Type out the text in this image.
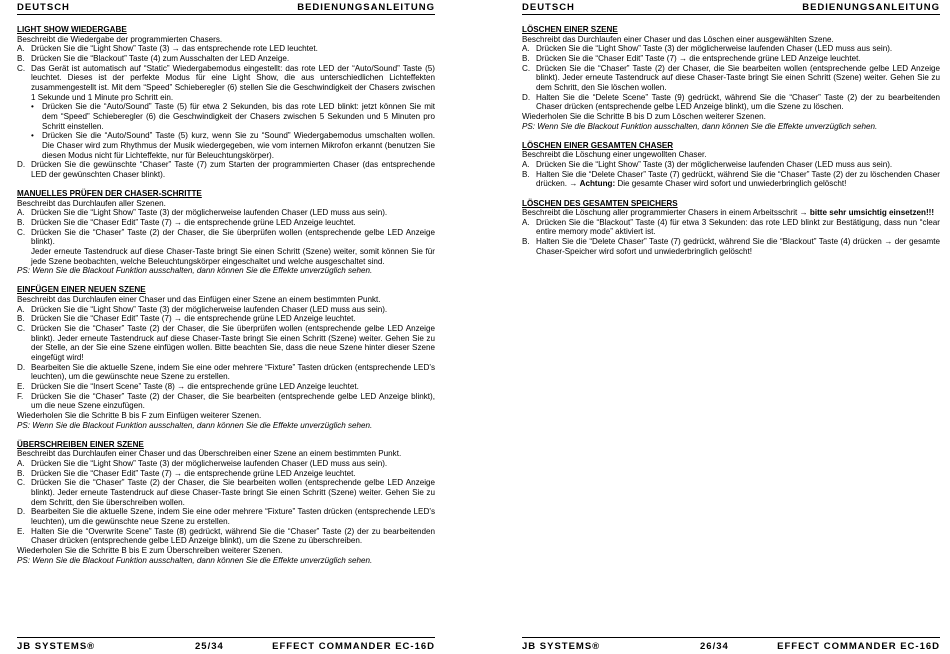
DEUTSCH	BEDIENUNGSANLEITUNG
LIGHT SHOW WIEDERGABE
Beschreibt die Wiedergabe der programmierten Chasers.
A. Drücken Sie die “Light Show” Taste (3) → das entsprechende rote LED leuchtet.
B. Drücken Sie die “Blackout” Taste (4) zum Ausschalten der LED Anzeige.
C. Das Gerät ist automatisch auf “Static” Wiedergabemodus eingestellt: das rote LED der “Auto/Sound” Taste (5) leuchtet. Dieses ist der perfekte Modus für eine Light Show, die aus unterschiedlichen Lichteffekten zusammengestellt ist. Mit dem “Speed” Schieberegler (6) stellen Sie die Geschwindigkeit der Chasers zwischen 1 Sekunde und 1 Minute pro Schritt ein.
•	Drücken Sie die “Auto/Sound” Taste (5) für etwa 2 Sekunden, bis das rote LED blinkt: jetzt können Sie mit dem “Speed” Schieberegler (6) die Geschwindigkeit der Chasers zwischen 5 Sekunden und 5 Minuten pro Schritt einstellen.
•	Drücken Sie die “Auto/Sound” Taste (5) kurz, wenn Sie zu “Sound” Wiedergabemodus umschalten wollen. Die Chaser wird zum Rhythmus der Musik wiedergegeben, wie vom internen Mikrofon erkannt (benutzen Sie diesen Modus nicht für Lichteffekte, nur für Beleuchtungskörper).
D. Drücken Sie die gewünschte “Chaser” Taste (7) zum Starten der programmierten Chaser (das entsprechende LED der gewünschten Chaser blinkt).
MANUELLES PRÜFEN DER CHASER-SCHRITTE
Beschreibt das Durchlaufen aller Szenen.
A. Drücken Sie die “Light Show” Taste (3) der möglicherweise laufenden Chaser (LED muss aus sein).
B. Drücken Sie die “Chaser Edit” Taste (7) → die entsprechende grüne LED Anzeige leuchtet.
C. Drücken Sie die “Chaser” Taste (2) der Chaser, die Sie überprüfen wollen (entsprechende gelbe LED Anzeige blinkt).
Jeder erneute Tastendruck auf diese Chaser-Taste bringt Sie einen Schritt (Szene) weiter, somit können Sie für jede Szene beobachten, welche Beleuchtungskörper eingeschaltet und welche ausgeschaltet sind.
PS: Wenn Sie die Blackout Funktion ausschalten, dann können Sie die Effekte unverzüglich sehen.
EINFÜGEN EINER NEUEN SZENE
Beschreibt das Durchlaufen einer Chaser und das Einfügen einer Szene an einem bestimmten Punkt.
A. Drücken Sie die “Light Show” Taste (3) der möglicherweise laufenden Chaser (LED muss aus sein).
B. Drücken Sie die “Chaser Edit” Taste (7) → die entsprechende grüne LED Anzeige leuchtet.
C. Drücken Sie die “Chaser” Taste (2) der Chaser, die Sie überprüfen wollen (entsprechende gelbe LED Anzeige blinkt). Jeder erneute Tastendruck auf diese Chaser-Taste bringt Sie einen Schritt (Szene) weiter. Gehen Sie zu der Stelle, an der Sie eine Szene einfügen wollen. Bitte beachten Sie, dass die neue Szene hinter dieser Szene eingefügt wird!
D. Bearbeiten Sie die aktuelle Szene, indem Sie eine oder mehrere “Fixture” Tasten drücken (entsprechende LED’s leuchten), um die gewünschte neue Szene zu erstellen.
E. Drücken Sie die “Insert Scene” Taste (8) → die entsprechende grüne LED Anzeige leuchtet.
F. Drücken Sie die “Chaser” Taste (2) der Chaser, die Sie bearbeiten (entsprechende gelbe LED Anzeige blinkt), um die neue Szene einzufügen.
Wiederholen Sie die Schritte B bis F zum Einfügen weiterer Szenen.
PS: Wenn Sie die Blackout Funktion ausschalten, dann können Sie die Effekte unverzüglich sehen.
ÜBERSCHREIBEN EINER SZENE
Beschreibt das Durchlaufen einer Chaser und das Überschreiben einer Szene an einem bestimmten Punkt.
A. Drücken Sie die “Light Show” Taste (3) der möglicherweise laufenden Chaser (LED muss aus sein).
B. Drücken Sie die “Chaser Edit” Taste (7) → die entsprechende grüne LED Anzeige leuchtet.
C. Drücken Sie die “Chaser” Taste (2) der Chaser, die Sie bearbeiten wollen (entsprechende gelbe LED Anzeige blinkt). Jeder erneute Tastendruck auf diese Chaser-Taste bringt Sie einen Schritt (Szene) weiter. Gehen Sie zu dem Schritt, den Sie überschreiben wollen.
D. Bearbeiten Sie die aktuelle Szene, indem Sie eine oder mehrere “Fixture” Tasten drücken (entsprechende LED’s leuchten), um die gewünschte neue Szene zu erstellen.
E. Halten Sie die “Overwrite Scene” Taste (8) gedrückt, während Sie die “Chaser” Taste (2) der zu bearbeitenden Chaser drücken (entsprechende gelbe LED Anzeige blinkt), um die Szene zu überschreiben.
Wiederholen Sie die Schritte B bis E zum Überschreiben weiterer Szenen.
PS: Wenn Sie die Blackout Funktion ausschalten, dann können Sie die Effekte unverzüglich sehen.
JB SYSTEMS®	25/34	EFFECT COMMANDER EC-16D
DEUTSCH	BEDIENUNGSANLEITUNG
LÖSCHEN EINER SZENE
Beschreibt das Durchlaufen einer Chaser und das Löschen einer ausgewählten Szene.
A. Drücken Sie die “Light Show” Taste (3) der möglicherweise laufenden Chaser (LED muss aus sein).
B. Drücken Sie die “Chaser Edit” Taste (7) → die entsprechende grüne LED Anzeige leuchtet.
C. Drücken Sie die “Chaser” Taste (2) der Chaser, die Sie bearbeiten wollen (entsprechende gelbe LED Anzeige blinkt). Jeder erneute Tastendruck auf diese Chaser-Taste bringt Sie einen Schritt (Szene) weiter. Gehen Sie zu dem Schritt, den Sie löschen wollen.
D. Halten Sie die “Delete Scene” Taste (9) gedrückt, während Sie die “Chaser” Taste (2) der zu bearbeitenden Chaser drücken (entsprechende gelbe LED Anzeige blinkt), um die Szene zu löschen.
Wiederholen Sie die Schritte B bis D zum Löschen weiterer Szenen.
PS: Wenn Sie die Blackout Funktion ausschalten, dann können Sie die Effekte unverzüglich sehen.
LÖSCHEN EINER GESAMTEN CHASER
Beschreibt die Löschung einer ungewollten Chaser.
A. Drücken Sie die “Light Show” Taste (3) der möglicherweise laufenden Chaser (LED muss aus sein).
B. Halten Sie die “Delete Chaser” Taste (7) gedrückt, während Sie die “Chaser” Taste (2) der zu löschenden Chaser drücken. → Achtung: Die gesamte Chaser wird sofort und unwiederbringlich gelöscht!
LÖSCHEN DES GESAMTEN SPEICHERS
Beschreibt die Löschung aller programmierter Chasers in einem Arbeitsschrit → bitte sehr umsichtig einsetzen!!!
A. Drücken Sie die “Blackout” Taste (4) für etwa 3 Sekunden: das rote LED blinkt zur Bestätigung, dass nun “clear entire memory mode” aktiviert ist.
B. Halten Sie die “Delete Chaser” Taste (7) gedrückt, während Sie die “Blackout” Taste (4) drücken → der gesamte Chaser-Speicher wird sofort und unwiederbringlich gelöscht!
JB SYSTEMS®	26/34	EFFECT COMMANDER EC-16D
